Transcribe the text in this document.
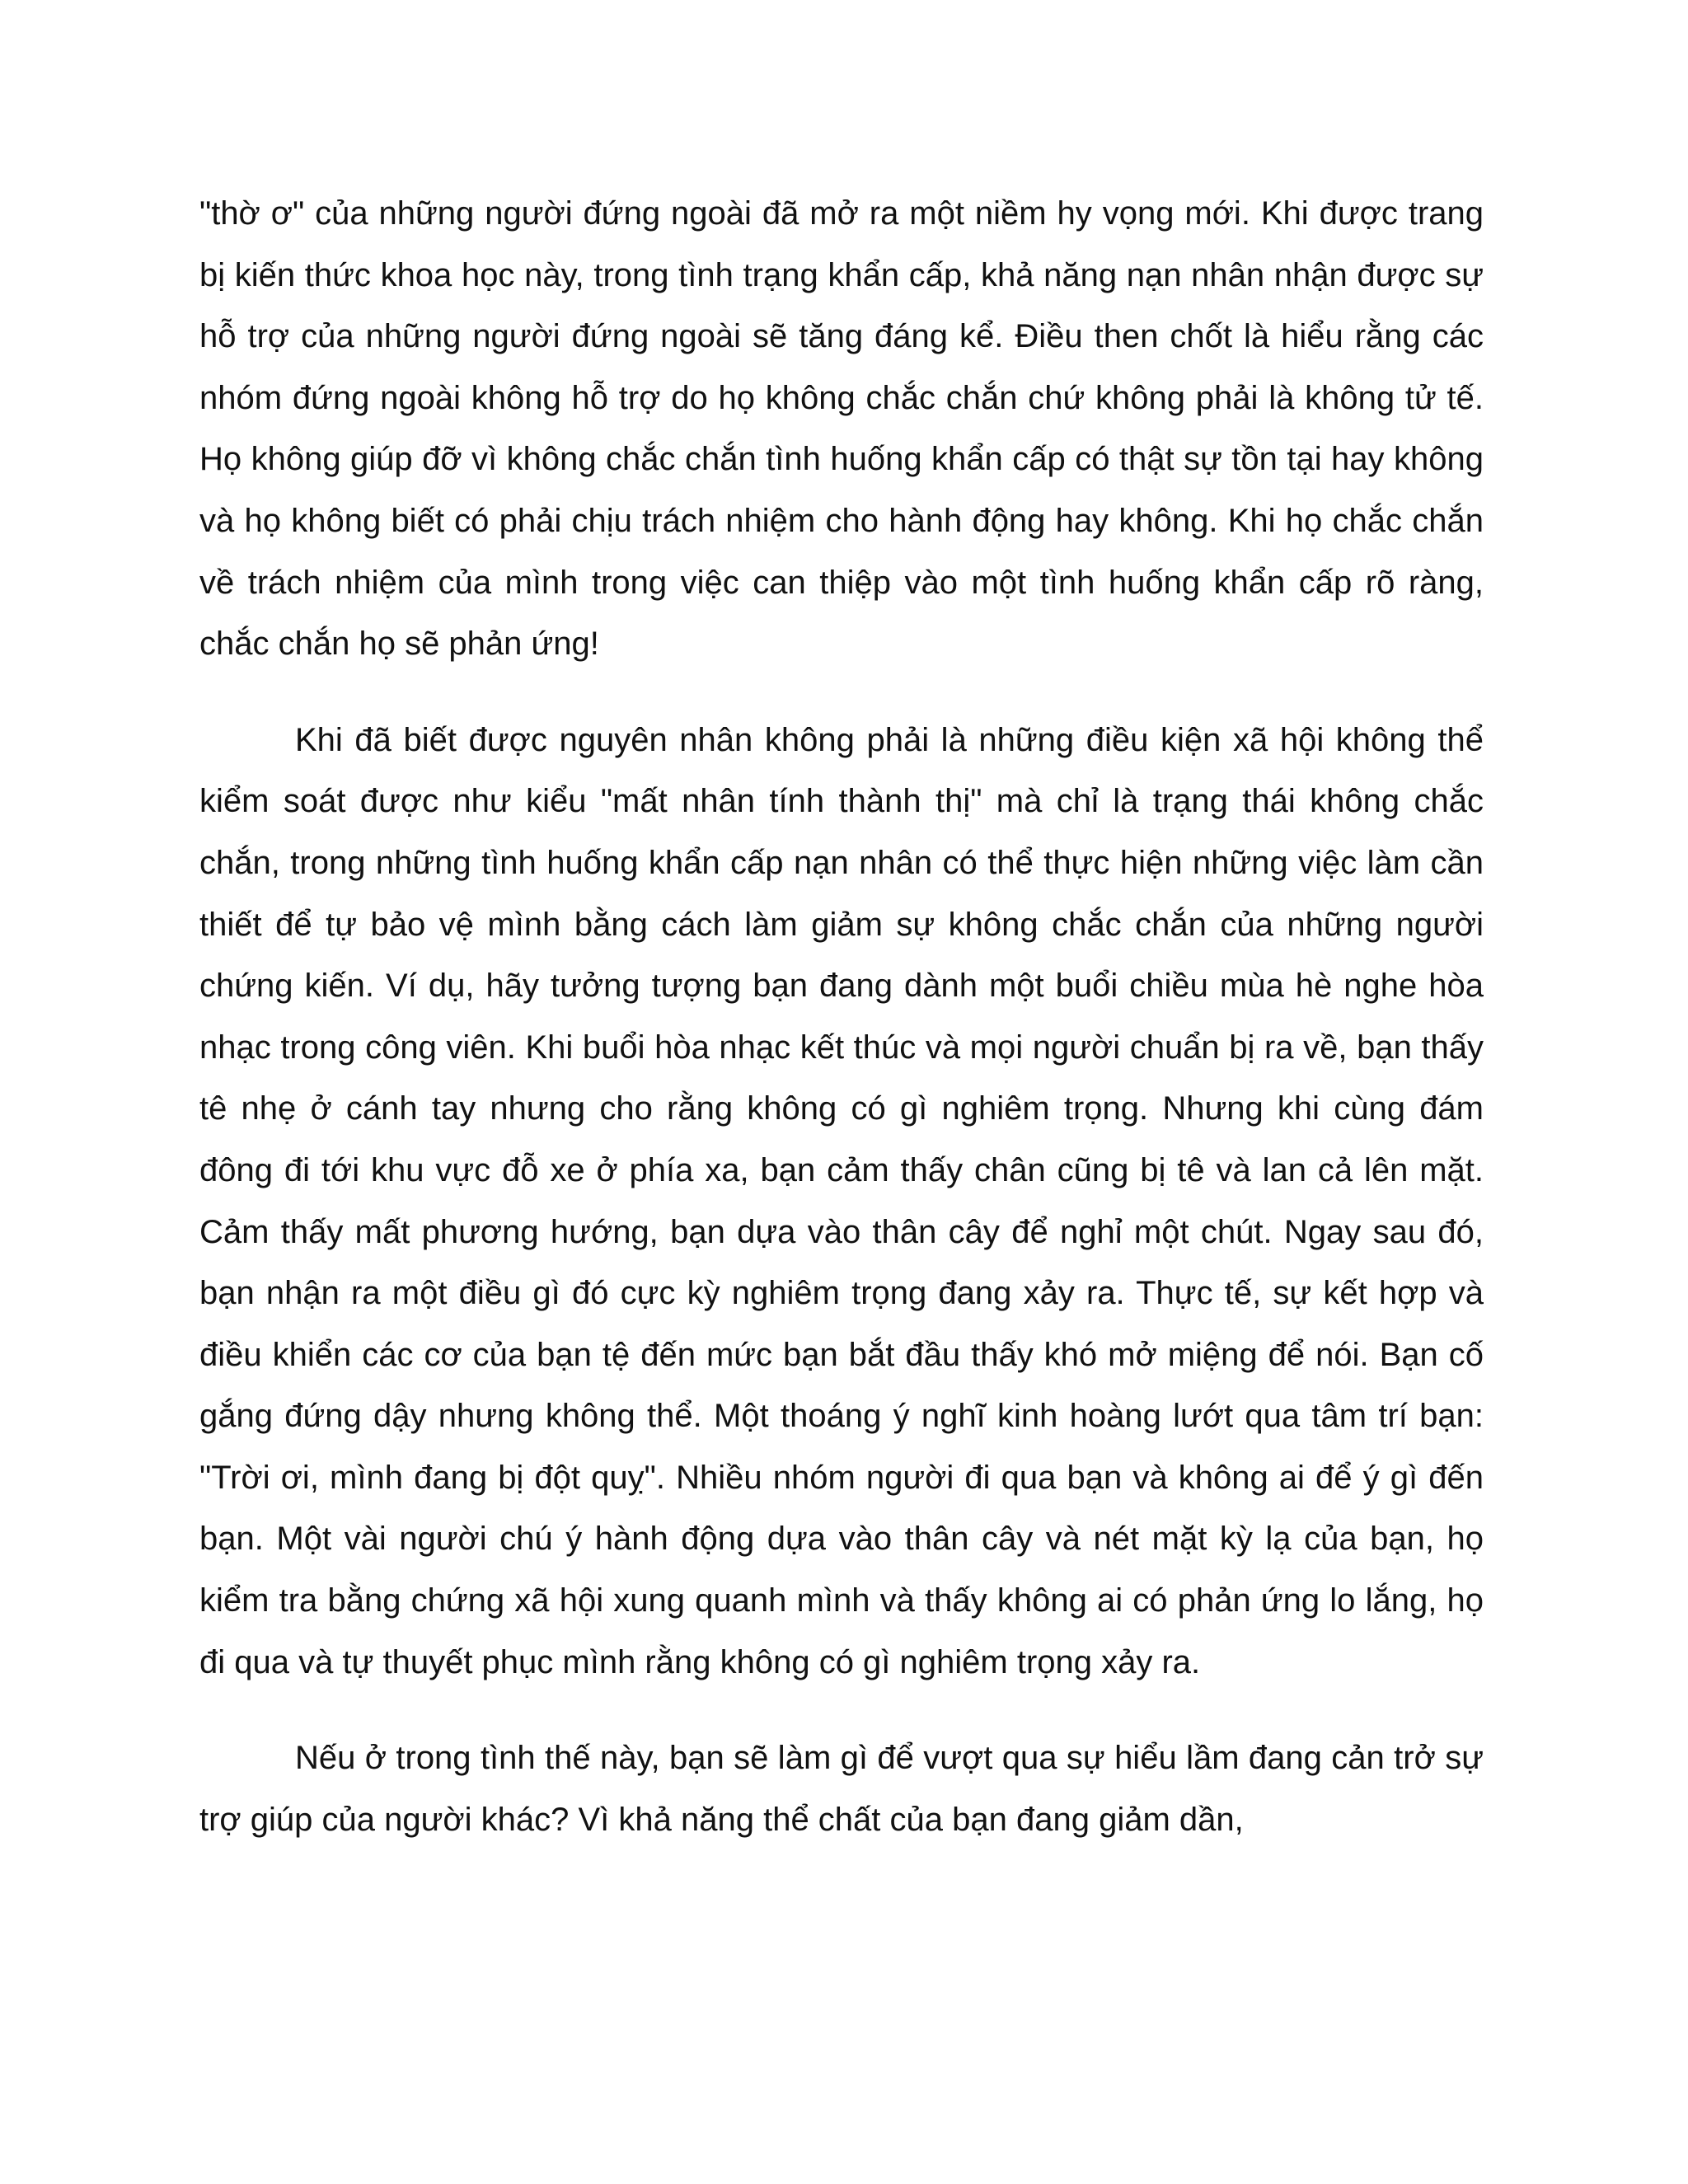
"thờ ơ" của những người đứng ngoài đã mở ra một niềm hy vọng mới. Khi được trang bị kiến thức khoa học này, trong tình trạng khẩn cấp, khả năng nạn nhân nhận được sự hỗ trợ của những người đứng ngoài sẽ tăng đáng kể. Điều then chốt là hiểu rằng các nhóm đứng ngoài không hỗ trợ do họ không chắc chắn chứ không phải là không tử tế. Họ không giúp đỡ vì không chắc chắn tình huống khẩn cấp có thật sự tồn tại hay không và họ không biết có phải chịu trách nhiệm cho hành động hay không. Khi họ chắc chắn về trách nhiệm của mình trong việc can thiệp vào một tình huống khẩn cấp rõ ràng, chắc chắn họ sẽ phản ứng!

Khi đã biết được nguyên nhân không phải là những điều kiện xã hội không thể kiểm soát được như kiểu "mất nhân tính thành thị" mà chỉ là trạng thái không chắc chắn, trong những tình huống khẩn cấp nạn nhân có thể thực hiện những việc làm cần thiết để tự bảo vệ mình bằng cách làm giảm sự không chắc chắn của những người chứng kiến. Ví dụ, hãy tưởng tượng bạn đang dành một buổi chiều mùa hè nghe hòa nhạc trong công viên. Khi buổi hòa nhạc kết thúc và mọi người chuẩn bị ra về, bạn thấy tê nhẹ ở cánh tay nhưng cho rằng không có gì nghiêm trọng. Nhưng khi cùng đám đông đi tới khu vực đỗ xe ở phía xa, bạn cảm thấy chân cũng bị tê và lan cả lên mặt. Cảm thấy mất phương hướng, bạn dựa vào thân cây để nghỉ một chút. Ngay sau đó, bạn nhận ra một điều gì đó cực kỳ nghiêm trọng đang xảy ra. Thực tế, sự kết hợp và điều khiển các cơ của bạn tệ đến mức bạn bắt đầu thấy khó mở miệng để nói. Bạn cố gắng đứng dậy nhưng không thể. Một thoáng ý nghĩ kinh hoàng lướt qua tâm trí bạn: "Trời ơi, mình đang bị đột quỵ". Nhiều nhóm người đi qua bạn và không ai để ý gì đến bạn. Một vài người chú ý hành động dựa vào thân cây và nét mặt kỳ lạ của bạn, họ kiểm tra bằng chứng xã hội xung quanh mình và thấy không ai có phản ứng lo lắng, họ đi qua và tự thuyết phục mình rằng không có gì nghiêm trọng xảy ra.

Nếu ở trong tình thế này, bạn sẽ làm gì để vượt qua sự hiểu lầm đang cản trở sự trợ giúp của người khác? Vì khả năng thể chất của bạn đang giảm dần,
